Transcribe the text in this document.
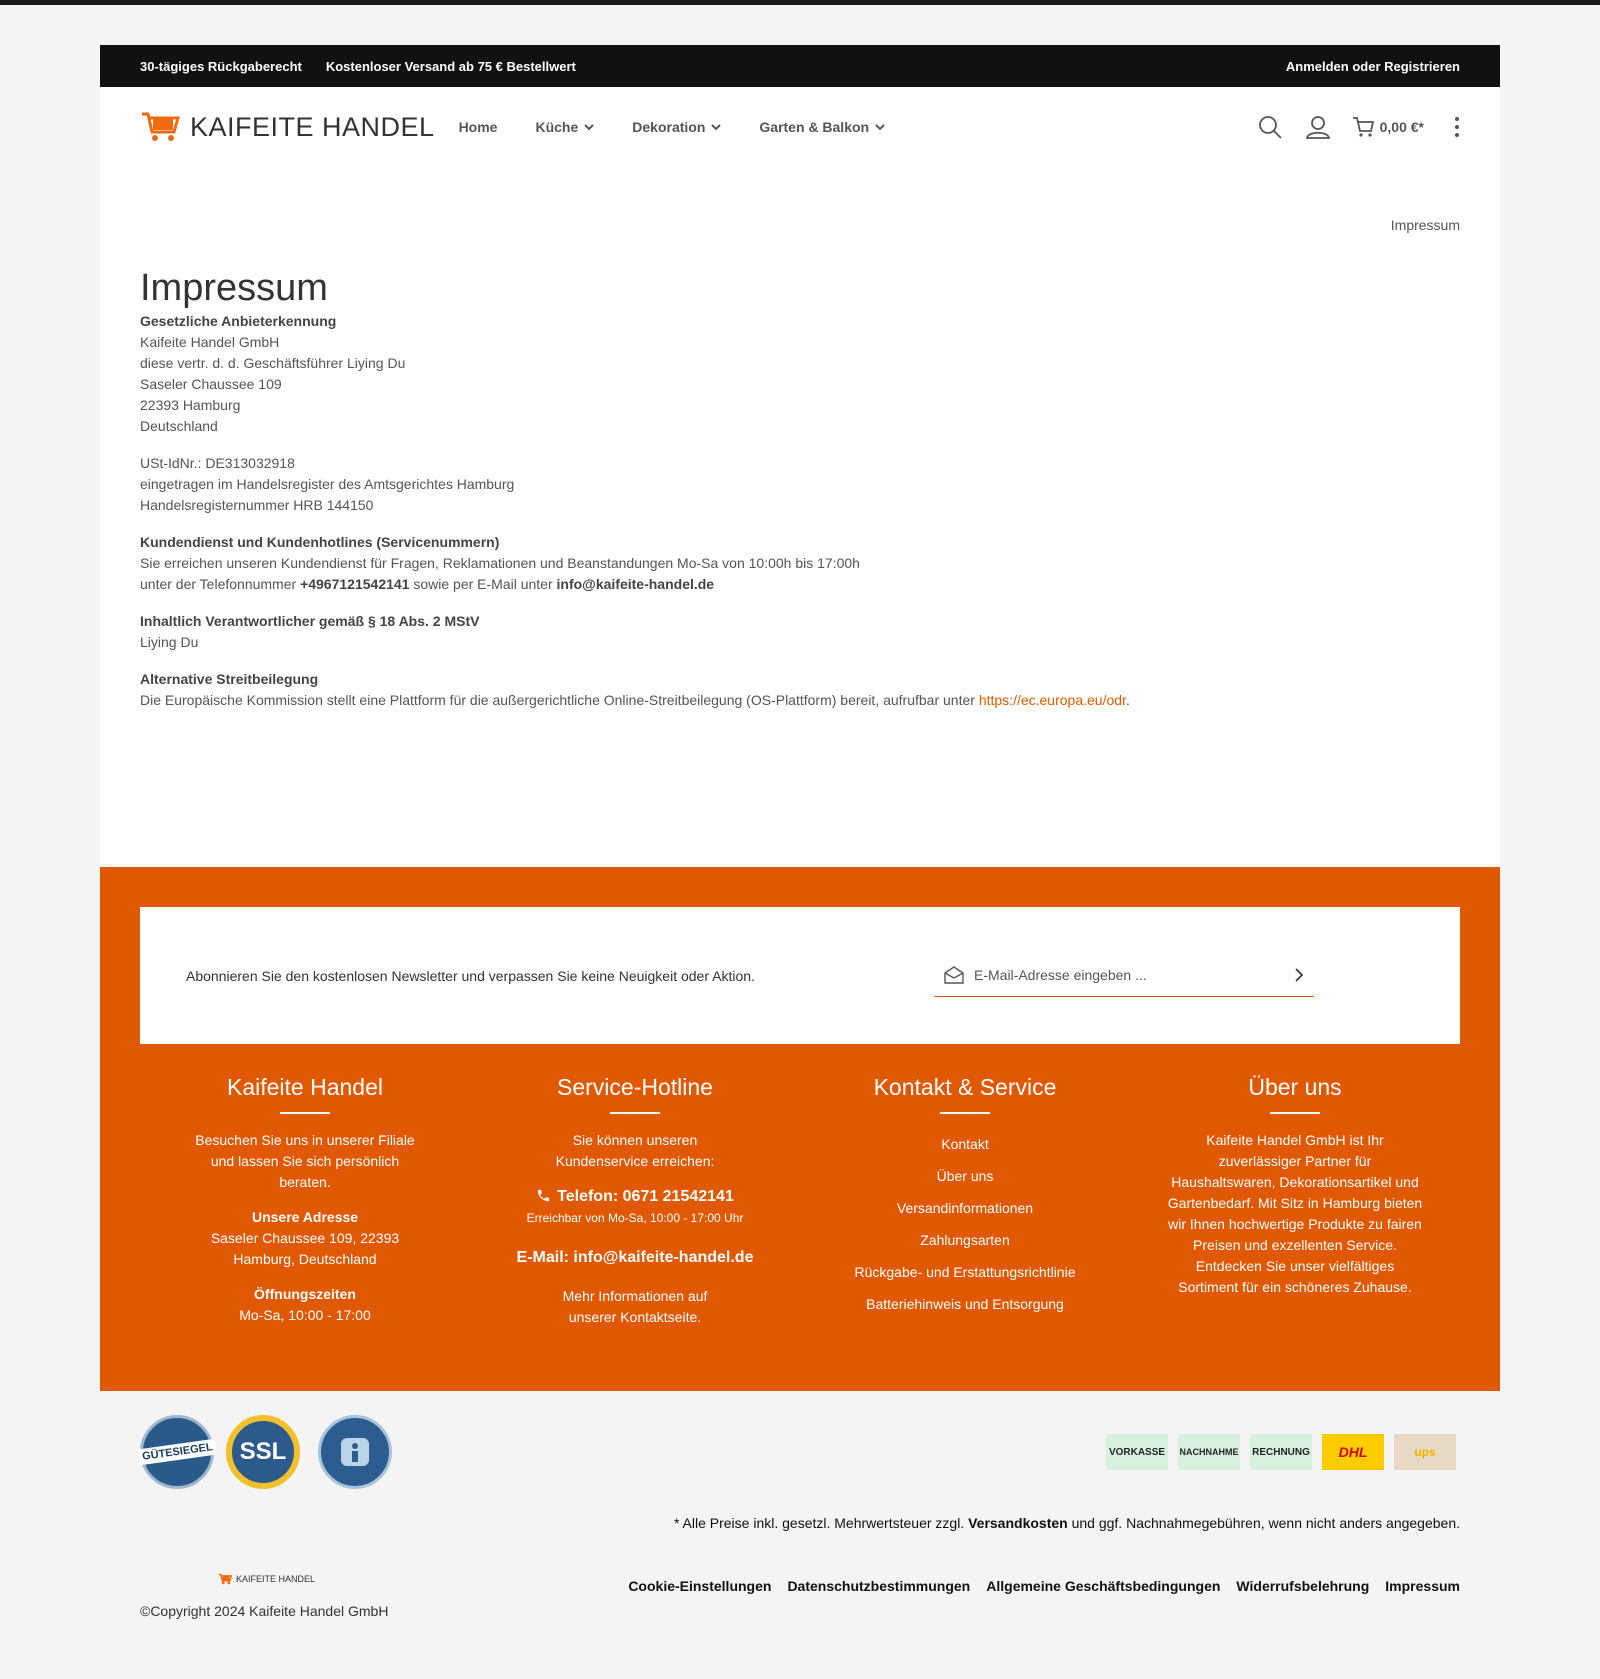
30-tägiges Rückgaberecht Kostenloser Versand ab 75 € Bestellwert	Anmelden oder Registrieren
KAIFEITE HANDEL Home	Küche	Dekoration	Garten & Balkon	0,00 €*
Impressum
Impressum

Gesetzliche Anbieterkennung
Kaifeite Handel GmbH
diese vertr. d. d. Geschäftsführer Liying Du
Saseler Chaussee 109
22393 Hamburg
Deutschland

USt-IdNr.: DE313032918
eingetragen im Handelsregister des Amtsgerichtes Hamburg
Handelsregisternummer HRB 144150

Kundendienst und Kundenhotlines (Servicenummern)
Sie erreichen unseren Kundendienst für Fragen, Reklamationen und Beanstandungen Mo-Sa von 10:00h bis 17:00h
unter der Telefonnummer +4967121542141 sowie per E-Mail unter info@kaifeite-handel.de

Inhaltlich Verantwortlicher gemäß § 18 Abs. 2 MStV
Liying Du

Alternative Streitbeilegung
Die Europäische Kommission stellt eine Plattform für die außergerichtliche Online-Streitbeilegung (OS-Plattform) bereit, aufrufbar unter https://ec.europa.eu/odr.

Abonnieren Sie den kostenlosen Newsletter und verpassen Sie keine Neuigkeit oder Aktion.
E-Mail-Adresse eingeben ...
Kaifeite Handel

Besuchen Sie uns in unserer Filiale und lassen Sie sich persönlich beraten.

Unsere Adresse
Saseler Chaussee 109, 22393 Hamburg, Deutschland

Öffnungszeiten
Mo-Sa, 10:00 - 17:00

Service-Hotline

Sie können unseren Kundenservice erreichen:

Telefon: 0671 21542141
Erreichbar von Mo-Sa, 10:00 - 17:00 Uhr

E-Mail: info@kaifeite-handel.de

Mehr Informationen auf unserer Kontaktseite.

Kontakt & Service
Kontakt
Über uns
Versandinformationen
Zahlungsarten
Rückgabe- und Erstattungsrichtlinie
Batteriehinweis und Entsorgung
Über uns

Kaifeite Handel GmbH ist Ihr zuverlässiger Partner für Haushaltswaren, Dekorationsartikel und Gartenbedarf. Mit Sitz in Hamburg bieten wir Ihnen hochwertige Produkte zu fairen Preisen und exzellenten Service. Entdecken Sie unser vielfältiges Sortiment für ein schöneres Zuhause.

GÜTESIEGEL SSL	VORKASSE	NACHNAHME RECHNUNG	DHL	ups
* Alle Preise inkl. gesetzl. Mehrwertsteuer zzgl. Versandkosten und ggf. Nachnahmegebühren, wenn nicht anders angegeben.
KAIFEITE HANDEL	Cookie-Einstellungen Datenschutzbestimmungen Allgemeine Geschäftsbedingungen Widerrufsbelehrung Impressum
©Copyright 2024 Kaifeite Handel GmbH
